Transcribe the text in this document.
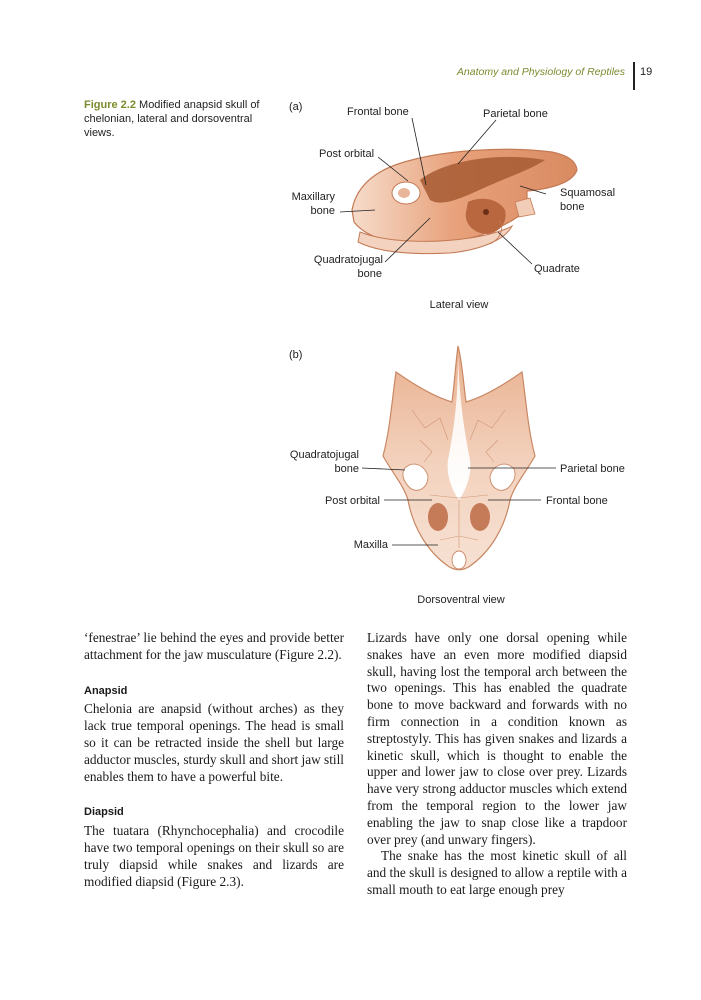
Anatomy and Physiology of Reptiles 19
Figure 2.2 Modified anapsid skull of chelonian, lateral and dorsoventral views.
(a)	Frontal bone	Parietal bone
Post orbital
Maxillary
bone
Squamosal
bone
Quadratojugal
bone	Quadrate
Lateral view
(b)
Quadratojugal
bone	Parietal bone
Post orbital	Frontal bone
Maxilla
Dorsoventral view

‘fenestrae’ lie behind the eyes and provide better attachment for the jaw musculature (Figure 2.2).

Anapsid

Chelonia are anapsid (without arches) as they lack true temporal openings. The head is small so it can be retracted inside the shell but large adductor muscles, sturdy skull and short jaw still enables them to have a powerful bite.

Diapsid

The tuatara (Rhynchocephalia) and crocodile have two temporal openings on their skull so are truly diapsid while snakes and lizards are modified diapsid (Figure 2.3).

Lizards have only one dorsal opening while snakes have an even more modified diapsid skull, having lost the temporal arch between the two openings. This has enabled the quadrate bone to move backward and forwards with no firm connection in a condition known as streptostyly. This has given snakes and lizards a kinetic skull, which is thought to enable the upper and lower jaw to close over prey. Lizards have very strong adductor muscles which extend from the temporal region to the lower jaw enabling the jaw to snap close like a trapdoor over prey (and unwary fingers).

The snake has the most kinetic skull of all and the skull is designed to allow a reptile with a small mouth to eat large enough prey
